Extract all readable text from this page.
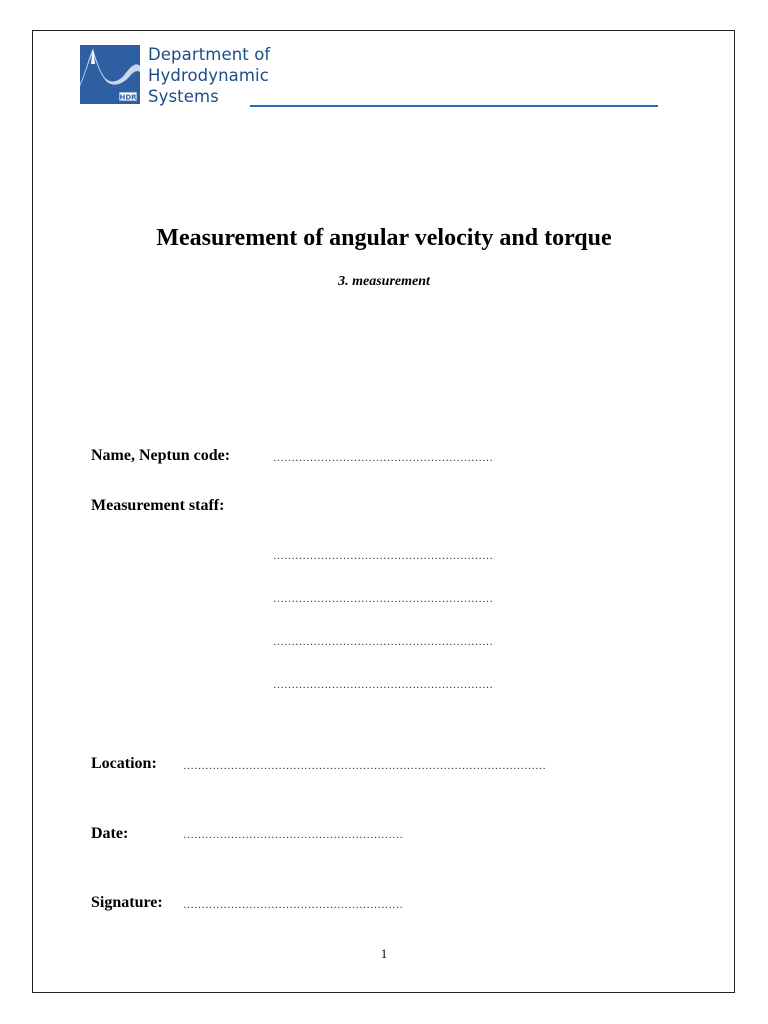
HDR
Department of
Hydrodynamic
Systems
Measurement of angular velocity and torque
3. measurement
Name, Neptun code:	……………………………………………………
Measurement staff:
……………………………………………………
……………………………………………………
……………………………………………………
……………………………………………………
Location: ………………………………………………………………………………………
Date:	……………………………………………………
Signature: ……………………………………………………
1
